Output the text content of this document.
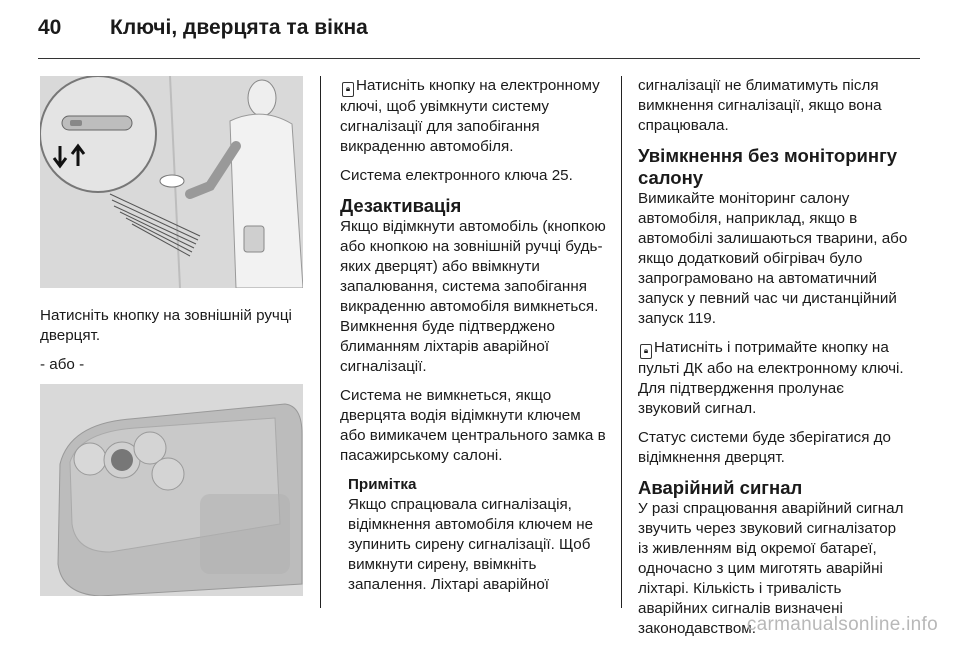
40	Ключі, дверцята та вікна

Натисніть кнопку на зовнішній ручці дверцят.

- або -

🔒︎ Натисніть кнопку на електронному ключі, щоб увімкнути систему сигналізації для запобігання викраденню автомобіля.

Система електронного ключа 25.

Дезактивація

Якщо відімкнути автомобіль (кнопкою або кнопкою на зовнішній ручці будь-яких дверцят) або ввімкнути запалювання, система запобігання викраденню автомобіля вимкнеться. Вимкнення буде підтверджено блиманням ліхтарів аварійної сигналізації.

Система не вимкнеться, якщо дверцята водія відімкнути ключем або вимикачем центрального замка в пасажирському салоні.

Примітка
Якщо спрацювала сигналізація, відімкнення автомобіля ключем не зупинить сирену сигналізації. Щоб вимкнути сирену, ввімкніть запалення. Ліхтарі аварійної

сигналізації не блиматимуть після вимкнення сигналізації, якщо вона спрацювала.

Увімкнення без моніторингу салону

Вимикайте моніторинг салону автомобіля, наприклад, якщо в автомобілі залишаються тварини, або якщо додатковий обігрівач було запрограмовано на автоматичний запуск у певний час чи дистанційний запуск 119.

🔒︎ Натисніть і потримайте кнопку на пульті ДК або на електронному ключі. Для підтвердження пролунає звуковий сигнал.

Статус системи буде зберігатися до відімкнення дверцят.

Аварійний сигнал

У разі спрацювання аварійний сигнал звучить через звуковий сигналізатор із живленням від окремої батареї, одночасно з цим миготять аварійні ліхтарі. Кількість і тривалість аварійних сигналів визначені законодавством.

carmanualsonline.info
